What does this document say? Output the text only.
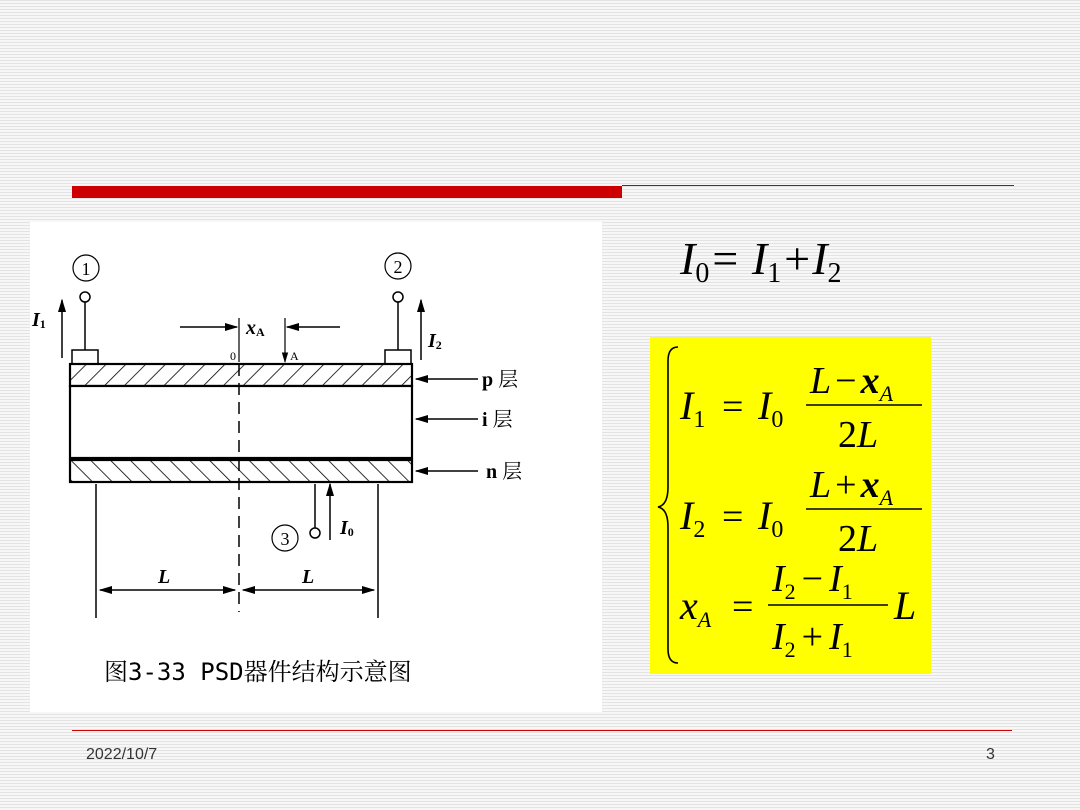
1	2
3
I1
I2
xA
0	A
p 层
i 层
n 层
I0
L	L
图3-33 PSD器件结构示意图
$I_0= I_1+I_2$
$I_1 = I_0$
$L - x_A$
2L
$I_2 = I_0$
$L + x_A$
2L
$x_A$ =
$I_2 - I_1$
$I_2 + I_1$
L
2022/10/7	3
